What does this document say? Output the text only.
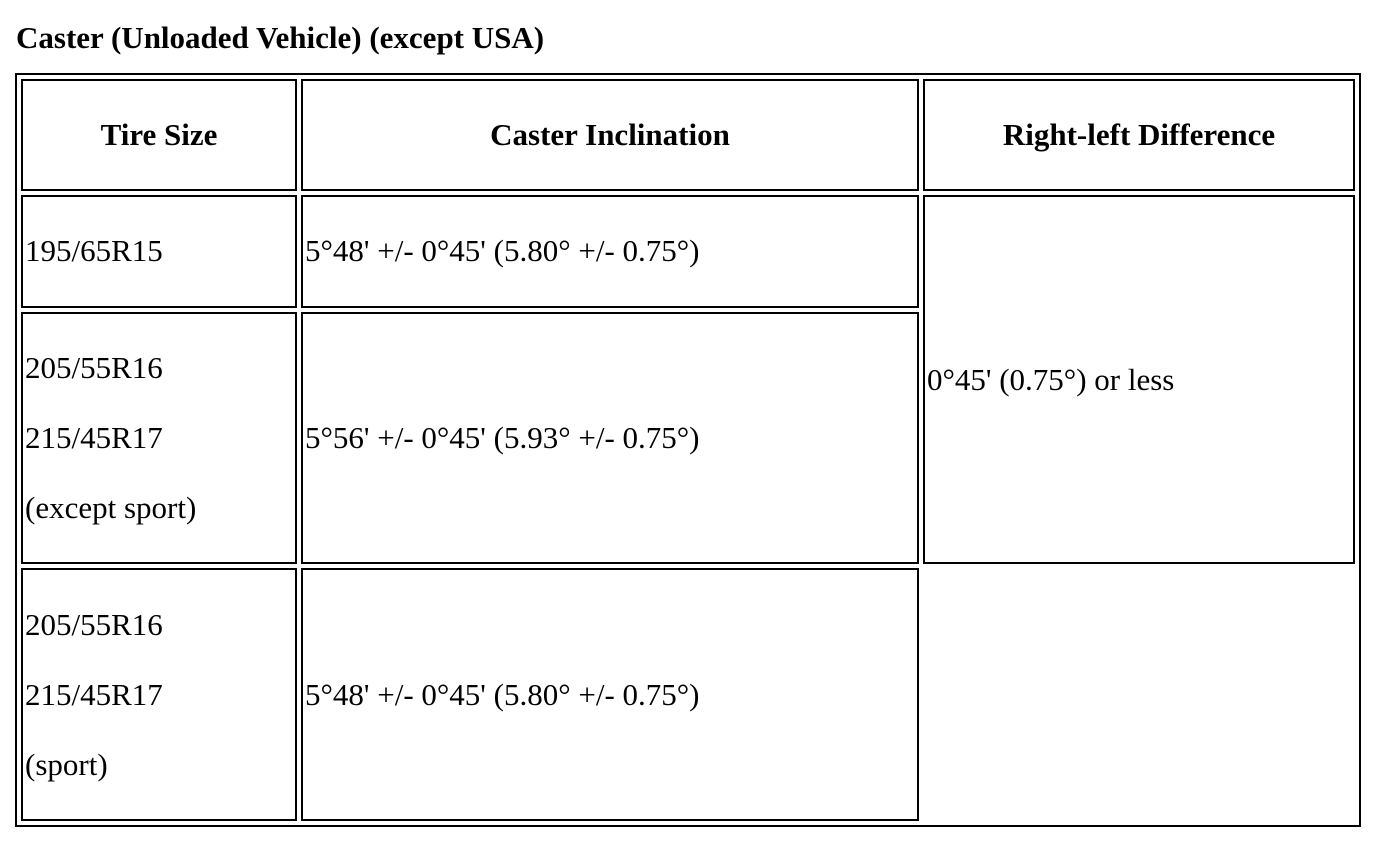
Caster (Unloaded Vehicle) (except USA)
Tire Size	Caster Inclination	Right-left Difference

195/65R15	5°48' +/- 0°45' (5.80° +/- 0.75°)	0°45' (0.75°) or less

205/55R16
215/45R17
(except sport)	5°56' +/- 0°45' (5.93° +/- 0.75°)	

205/55R16
215/45R17
(sport)	5°48' +/- 0°45' (5.80° +/- 0.75°)	
